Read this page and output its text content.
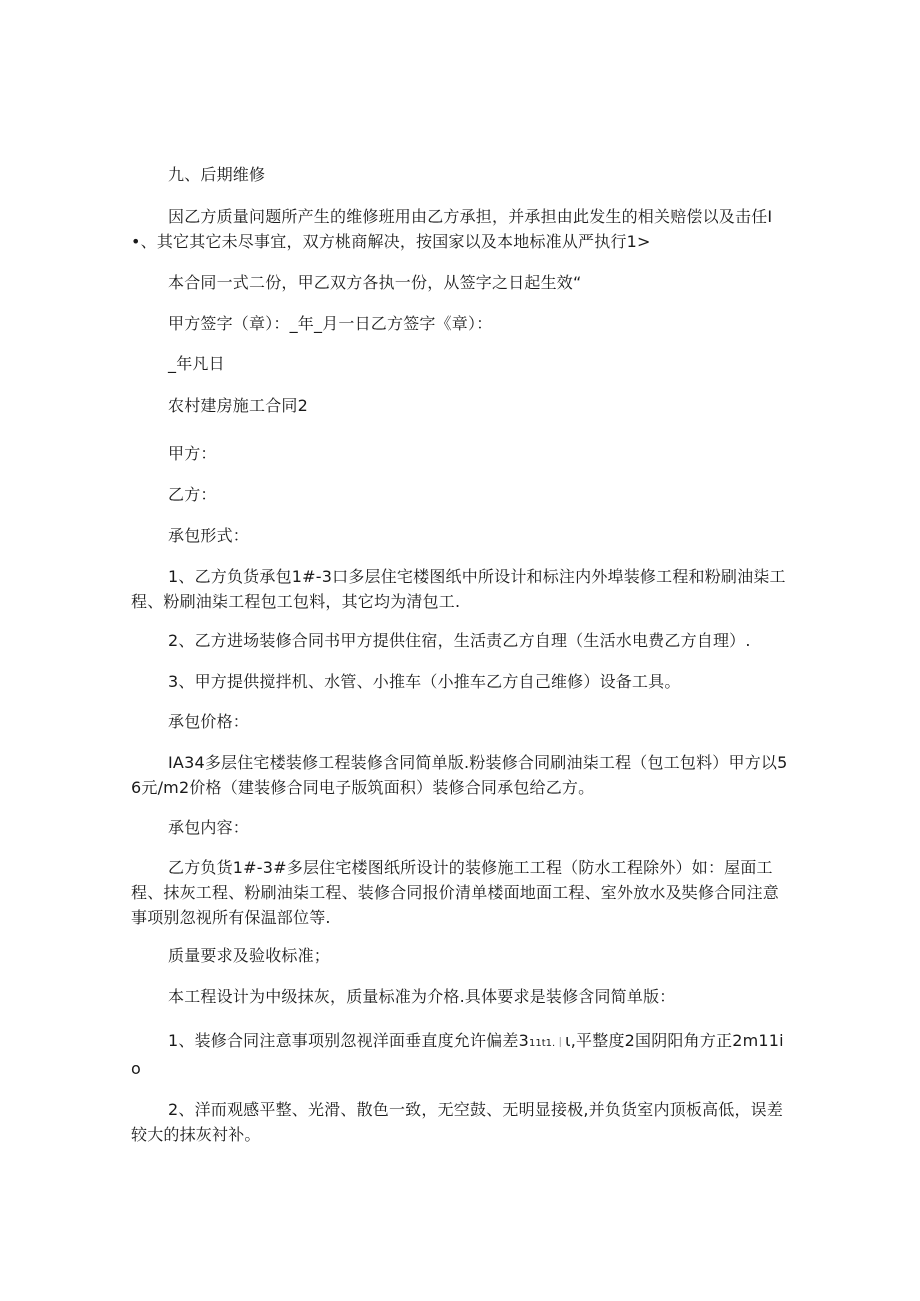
九、后期维修

因乙方质量问题所产生的维修班用由乙方承担，并承担由此发生的相关赔偿以及击任I•、其它其它未尽事宜，双方桃商解决，按国家以及本地标准从严执行1>

本合同一式二份，甲乙双方各执一份，从签字之日起生效“

甲方签字（章）：_年_月一日乙方签字《章）：

_年凡日

农村建房施工合同2

甲方：

乙方：

承包形式：

1、乙方负货承包1#-3口多层住宅楼图纸中所设计和标注内外埠装修工程和粉刷油柒工程、粉刷油柒工程包工包料，其它均为清包工.

2、乙方进场装修合同书甲方提供住宿，生活责乙方自理（生活水电费乙方自理）.

3、甲方提供搅拌机、水管、小推车（小推车乙方自己维修）设备工具。

承包价格：

IA34多层住宅楼装修工程装修含同简单版.粉装修合同刷油柒工程（包工包料）甲方以56元/m2价格（建装修合同电子版筑面积）装修合同承包给乙方。

承包内容：

乙方负货1#-3#多层住宅楼图纸所设计的装修施工工程（防水工程除外）如：屋面工程、抹灰工程、粉刷油柒工程、装修合同报价清单楼面地面工程、室外放水及奘修合同注意事项别忽视所有保温部位等.

质量要求及验收标准；

本工程设计为中级抹灰，质量标准为介格.具体要求是装修含同简单版：

1、装修合同注意事项别忽视洋面垂直度允许偏差311t1.｜ι,平整度2国阴阳角方正2m11io

2、洋而观感平整、光滑、散色一致，无空鼓、无明显接极,并负货室内顶板高低，误差较大的抹灰衬补。
